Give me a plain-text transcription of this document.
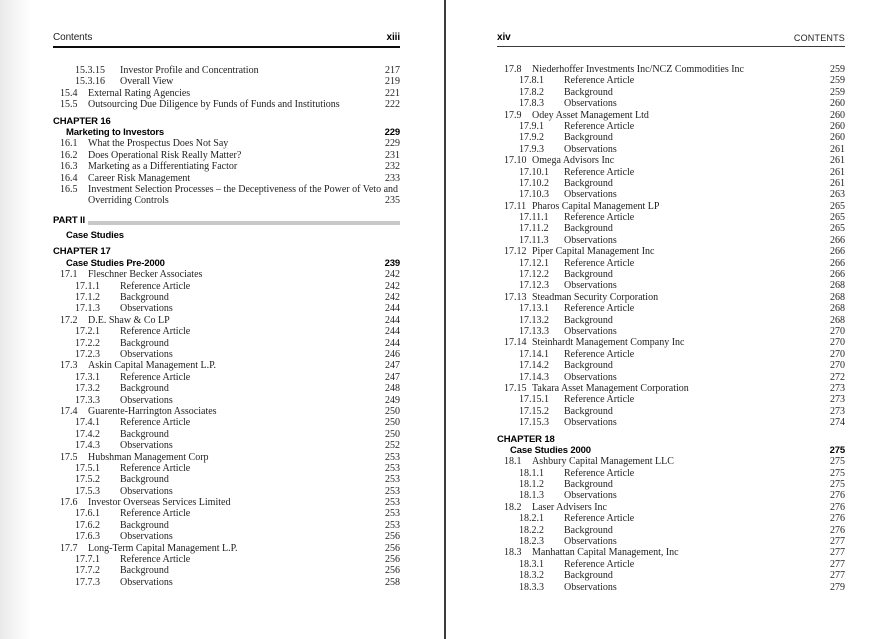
Contents	xiii
15.3.15	Investor Profile and Concentration	217
15.3.16	Overall View	219
15.4	External Rating Agencies	221
15.5	Outsourcing Due Diligence by Funds of Funds and Institutions	222
CHAPTER 16
Marketing to Investors	229
16.1	What the Prospectus Does Not Say	229
16.2	Does Operational Risk Really Matter?	231
16.3	Marketing as a Differentiating Factor	232
16.4	Career Risk Management	233
16.5	Investment Selection Processes – the Deceptiveness of the Power of Veto and
Overriding Controls	235
PART II
Case Studies
CHAPTER 17
Case Studies Pre-2000	239
17.1	Fleschner Becker Associates	242
17.1.1	Reference Article	242
17.1.2	Background	242
17.1.3	Observations	244
17.2	D.E. Shaw & Co LP	244
17.2.1	Reference Article	244
17.2.2	Background	244
17.2.3	Observations	246
17.3	Askin Capital Management L.P.	247
17.3.1	Reference Article	247
17.3.2	Background	248
17.3.3	Observations	249
17.4	Guarente-Harrington Associates	250
17.4.1	Reference Article	250
17.4.2	Background	250
17.4.3	Observations	252
17.5	Hubshman Management Corp	253
17.5.1	Reference Article	253
17.5.2	Background	253
17.5.3	Observations	253
17.6	Investor Overseas Services Limited	253
17.6.1	Reference Article	253
17.6.2	Background	253
17.6.3	Observations	256
17.7	Long-Term Capital Management L.P.	256
17.7.1	Reference Article	256
17.7.2	Background	256
17.7.3	Observations	258
xiv	CONTENTS
17.8	Niederhoffer Investments Inc/NCZ Commodities Inc	259
17.8.1	Reference Article	259
17.8.2	Background	259
17.8.3	Observations	260
17.9	Odey Asset Management Ltd	260
17.9.1	Reference Article	260
17.9.2	Background	260
17.9.3	Observations	261
17.10 Omega Advisors Inc	261
17.10.1	Reference Article	261
17.10.2	Background	261
17.10.3	Observations	263
17.11 Pharos Capital Management LP	265
17.11.1	Reference Article	265
17.11.2	Background	265
17.11.3	Observations	266
17.12 Piper Capital Management Inc	266
17.12.1	Reference Article	266
17.12.2	Background	266
17.12.3	Observations	268
17.13 Steadman Security Corporation	268
17.13.1	Reference Article	268
17.13.2	Background	268
17.13.3	Observations	270
17.14 Steinhardt Management Company Inc	270
17.14.1	Reference Article	270
17.14.2	Background	270
17.14.3	Observations	272
17.15 Takara Asset Management Corporation	273
17.15.1	Reference Article	273
17.15.2	Background	273
17.15.3	Observations	274
CHAPTER 18
Case Studies 2000	275
18.1	Ashbury Capital Management LLC	275
18.1.1	Reference Article	275
18.1.2	Background	275
18.1.3	Observations	276
18.2	Laser Advisers Inc	276
18.2.1	Reference Article	276
18.2.2	Background	276
18.2.3	Observations	277
18.3	Manhattan Capital Management, Inc	277
18.3.1	Reference Article	277
18.3.2	Background	277
18.3.3	Observations	279
